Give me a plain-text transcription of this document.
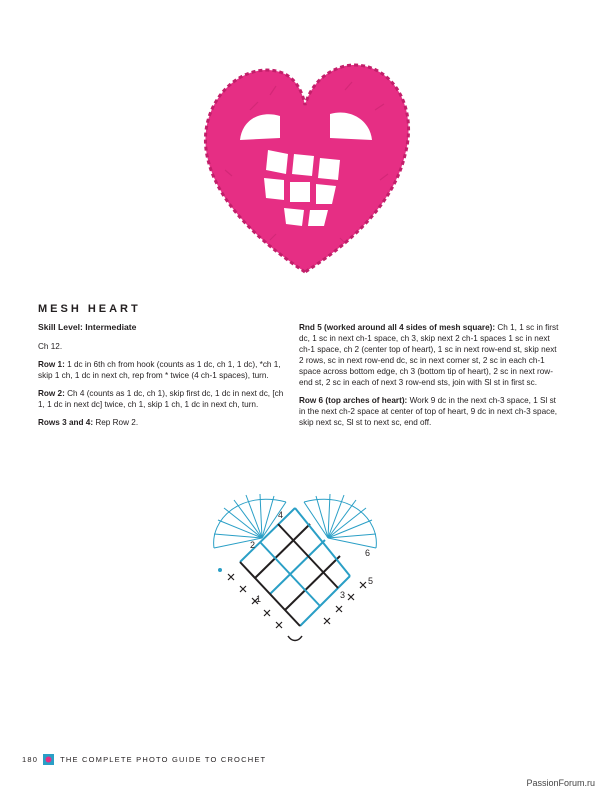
MESH HEART

Skill Level: Intermediate

Ch 12.

Row 1: 1 dc in 6th ch from hook (counts as 1 dc, ch 1, 1 dc), *ch 1, skip 1 ch, 1 dc in next ch, rep from * twice (4 ch-1 spaces), turn.

Row 2: Ch 4 (counts as 1 dc, ch 1), skip first dc, 1 dc in next dc, [ch 1, 1 dc in next dc] twice, ch 1, skip 1 ch, 1 dc in next ch, turn.

Rows 3 and 4: Rep Row 2.

Rnd 5 (worked around all 4 sides of mesh square): Ch 1, 1 sc in first dc, 1 sc in next ch-1 space, ch 3, skip next 2 ch-1 spaces 1 sc in next ch-1 space, ch 2 (center top of heart), 1 sc in next row-end st, skip next 2 rows, sc in next row-end dc, sc in next corner st, 2 sc in each ch-1 space across bottom edge, ch 3 (bottom tip of heart), 2 sc in next row-end st, 2 sc in each of next 3 row-end sts, join with Sl st in first sc.

Row 6 (top arches of heart): Work 9 dc in the next ch-3 space, 1 Sl st in the next ch-2 space at center of top of heart, 9 dc in next ch-3 space, skip next sc, Sl st to next sc, end off.

4
2
6
5
1	3
180	THE COMPLETE PHOTO GUIDE TO CROCHET
PassionForum.ru
